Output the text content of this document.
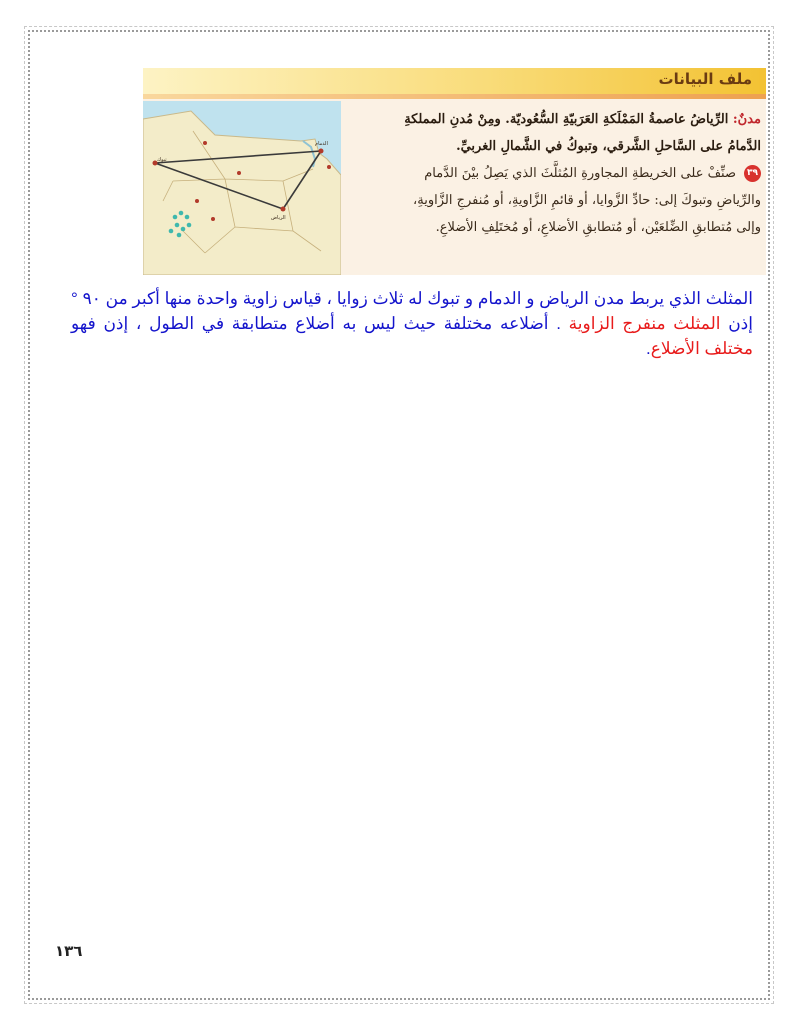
ملف البيانات
تبوك
الرياض
الدمام
مدنٌ: الرِّياضُ عاصمةُ المَمْلَكةِ العَرَبيّةِ السُّعُوديّة. ومِنْ مُدنِ المملكةِ
الدَّمامُ على السَّاحلِ الشَّرقي، وتبوكُ في الشَّمالِ الغربيِّ.
٣٩صنِّفْ على الخريطةِ المجاورةِ المُثلَّثَ الذي يَصِلُ بيْنَ الدَّمام
والرِّياضِ وتبوكَ إلى: حادِّ الزَّوايا، أو قائمِ الزَّاويةِ، أو مُنفرجِ الزَّاويةِ،
وإلى مُتطابقِ الضِّلعَيْن، أو مُتطابقِ الأضلاعِ، أو مُختَلِفِ الأضلاعِ.
المثلث الذي يربط مدن الرياض و الدمام و تبوك له ثلاث زوايا ، قياس زاوية واحدة منها أكبر من ٩٠ ° إذن المثلث منفرج الزاوية . أضلاعه مختلفة حيث ليس به أضلاع متطابقة في الطول ، إذن فهو مختلف الأضلاع.
١٣٦
